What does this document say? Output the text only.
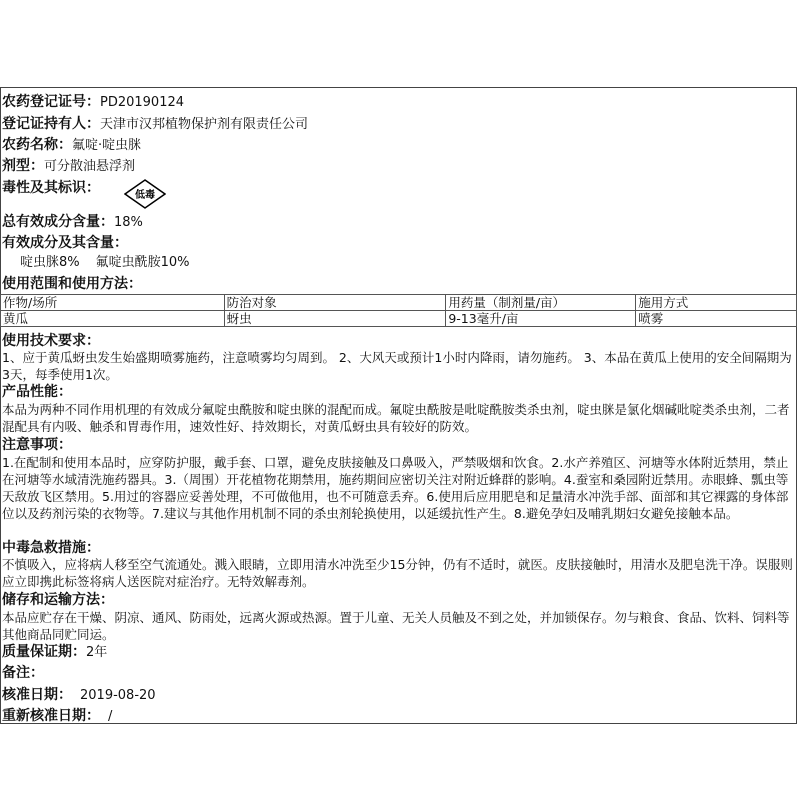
农药登记证号：PD20190124
登记证持有人：天津市汉邦植物保护剂有限责任公司
农药名称：氟啶·啶虫脒
剂型：可分散油悬浮剂
毒性及其标识：	低毒
总有效成分含量：18%
有效成分及其含量：
啶虫脒8% 氟啶虫酰胺10%
使用范围和使用方法：
作物/场所	防治对象	用药量（制剂量/亩）	施用方式
黄瓜	蚜虫	9-13毫升/亩	喷雾
使用技术要求：
1、应于黄瓜蚜虫发生始盛期喷雾施药，注意喷雾均匀周到。 2、大风天或预计1小时内降雨，请勿施药。 3、本品在黄瓜上使用的安全间隔期为3天，每季使用1次。
产品性能：
本品为两种不同作用机理的有效成分氟啶虫酰胺和啶虫脒的混配而成。氟啶虫酰胺是吡啶酰胺类杀虫剂，啶虫脒是氯化烟碱吡啶类杀虫剂，二者混配具有内吸、触杀和胃毒作用，速效性好、持效期长，对黄瓜蚜虫具有较好的防效。
注意事项：
1.在配制和使用本品时，应穿防护服，戴手套、口罩，避免皮肤接触及口鼻吸入，严禁吸烟和饮食。2.水产养殖区、河塘等水体附近禁用，禁止在河塘等水域清洗施药器具。3.（周围）开花植物花期禁用，施药期间应密切关注对附近蜂群的影响。4.蚕室和桑园附近禁用。赤眼蜂、瓢虫等天敌放飞区禁用。5.用过的容器应妥善处理，不可做他用，也不可随意丢弃。6.使用后应用肥皂和足量清水冲洗手部、面部和其它裸露的身体部位以及药剂污染的衣物等。7.建议与其他作用机制不同的杀虫剂轮换使用，以延缓抗性产生。8.避免孕妇及哺乳期妇女避免接触本品。
中毒急救措施：
不慎吸入，应将病人移至空气流通处。溅入眼睛，立即用清水冲洗至少15分钟，仍有不适时，就医。皮肤接触时，用清水及肥皂洗干净。误服则应立即携此标签将病人送医院对症治疗。无特效解毒剂。
储存和运输方法：
本品应贮存在干燥、阴凉、通风、防雨处，远离火源或热源。置于儿童、无关人员触及不到之处，并加锁保存。勿与粮食、食品、饮料、饲料等其他商品同贮同运。
质量保证期：2年
备注：
核准日期： 2019-08-20
重新核准日期： /
